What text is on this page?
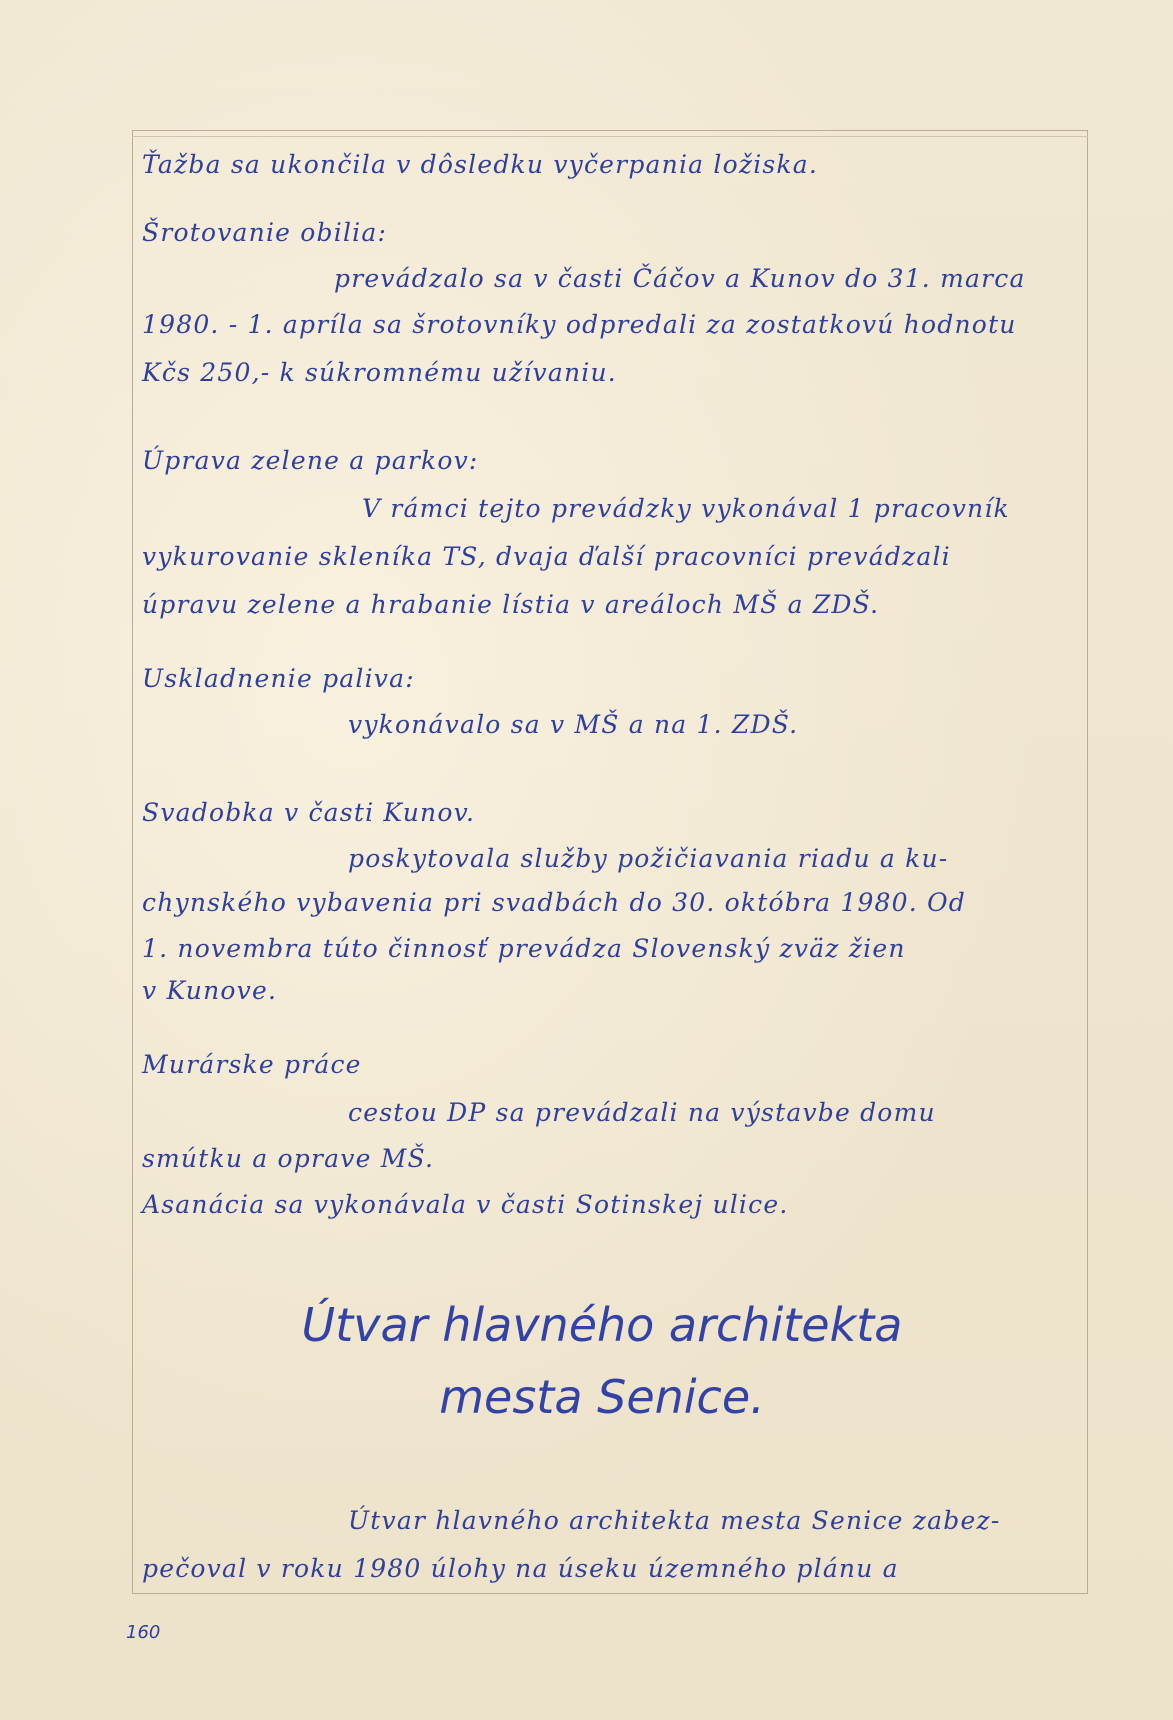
Ťažba sa ukončila v dôsledku vyčerpania ložiska.
Šrotovanie obilia:
prevádzalo sa v časti Čáčov a Kunov do 31. marca
1980. - 1. apríla sa šrotovníky odpredali za zostatkovú hodnotu
Kčs 250,- k súkromnému užívaniu.
Úprava zelene a parkov:
V rámci tejto prevádzky vykonával 1 pracovník
vykurovanie skleníka TS, dvaja ďalší pracovníci prevádzali
úpravu zelene a hrabanie lístia v areáloch MŠ a ZDŠ.
Uskladnenie paliva:
vykonávalo sa v MŠ a na 1. ZDŠ.
Svadobka v časti Kunov.
poskytovala služby požičiavania riadu a ku-
chynského vybavenia pri svadbách do 30. októbra 1980. Od
1. novembra túto činnosť prevádza Slovenský zväz žien
v Kunove.
Murárske práce
cestou DP sa prevádzali na výstavbe domu
smútku a oprave MŠ.
Asanácia sa vykonávala v časti Sotinskej ulice.
Útvar hlavného architekta
mesta Senice.
Útvar hlavného architekta mesta Senice zabez-
pečoval v roku 1980 úlohy na úseku územného plánu a
160
